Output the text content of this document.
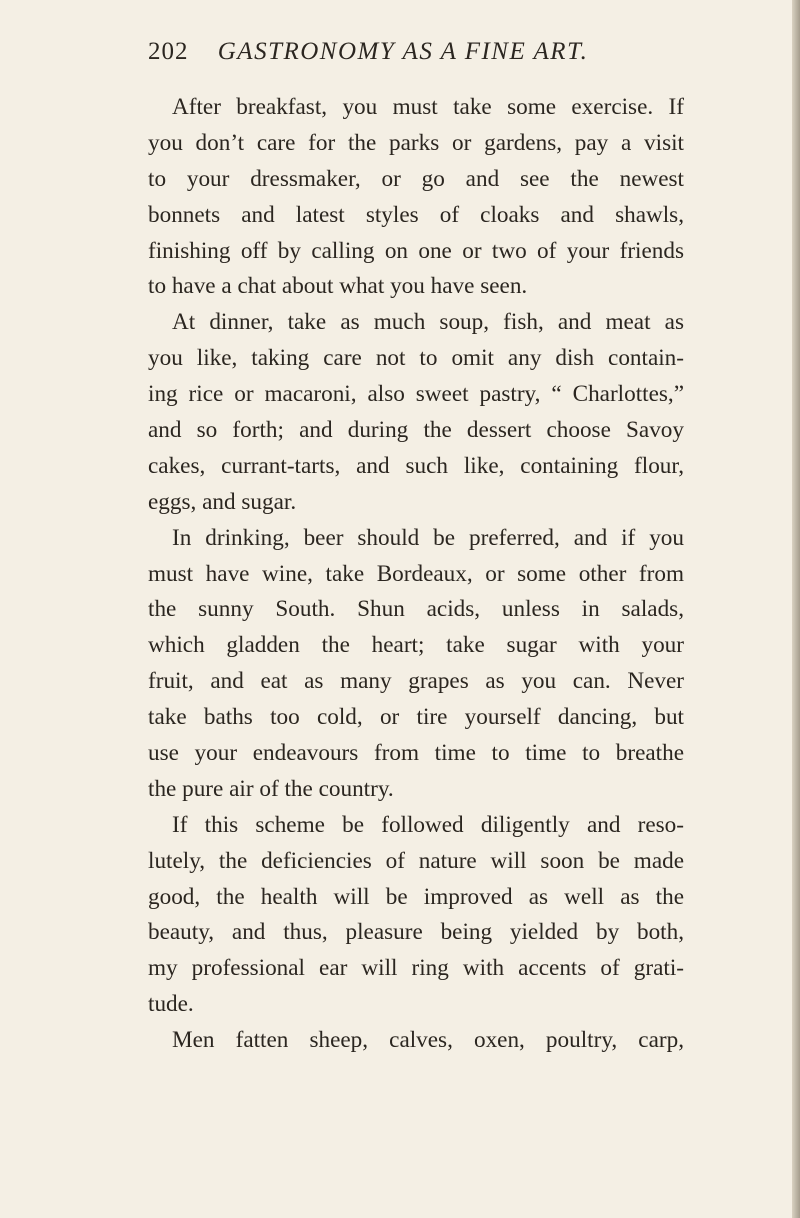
202 GASTRONOMY AS A FINE ART.
After breakfast, you must take some exercise. If
you don’t care for the parks or gardens, pay a visit
to your dressmaker, or go and see the newest
bonnets and latest styles of cloaks and shawls,
finishing off by calling on one or two of your friends
to have a chat about what you have seen.
At dinner, take as much soup, fish, and meat as
you like, taking care not to omit any dish contain-
ing rice or macaroni, also sweet pastry, “ Charlottes,”
and so forth; and during the dessert choose Savoy
cakes, currant-tarts, and such like, containing flour,
eggs, and sugar.
In drinking, beer should be preferred, and if you
must have wine, take Bordeaux, or some other from
the sunny South. Shun acids, unless in salads,
which gladden the heart; take sugar with your
fruit, and eat as many grapes as you can. Never
take baths too cold, or tire yourself dancing, but
use your endeavours from time to time to breathe
the pure air of the country.
If this scheme be followed diligently and reso-
lutely, the deficiencies of nature will soon be made
good, the health will be improved as well as the
beauty, and thus, pleasure being yielded by both,
my professional ear will ring with accents of grati-
tude.
Men fatten sheep, calves, oxen, poultry, carp,
